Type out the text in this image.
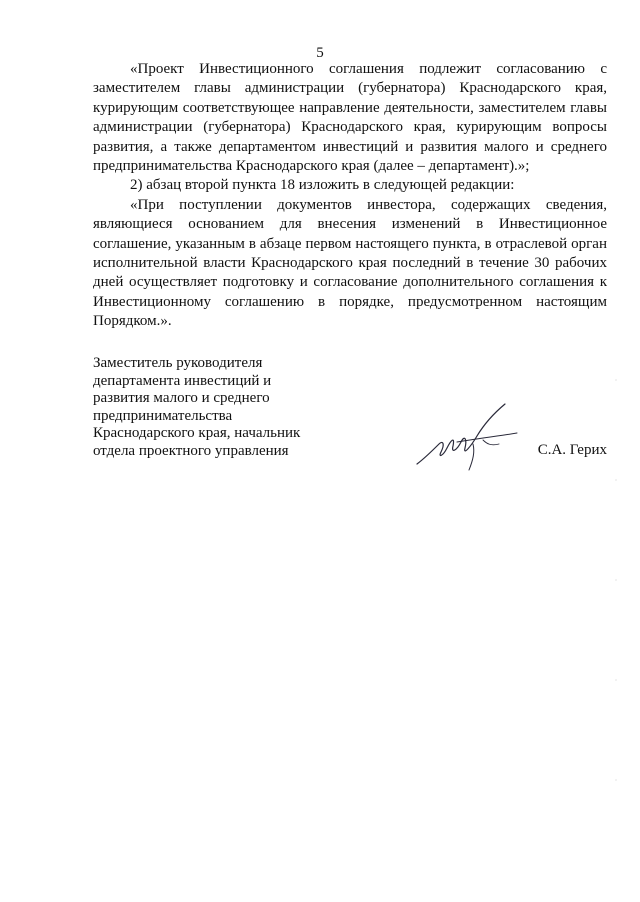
5

«Проект Инвестиционного соглашения подлежит согласованию с заместителем главы администрации (губернатора) Краснодарского края, курирующим соответствующее направление деятельности, заместителем главы администрации (губернатора) Краснодарского края, курирующим вопросы развития, а также департаментом инвестиций и развития малого и среднего предпринимательства Краснодарского края (далее – департамент).»;

2) абзац второй пункта 18 изложить в следующей редакции:

«При поступлении документов инвестора, содержащих сведения, являющиеся основанием для внесения изменений в Инвестиционное соглашение, указанным в абзаце первом настоящего пункта, в отраслевой орган исполнительной власти Краснодарского края последний в течение 30 рабочих дней осуществляет подготовку и согласование дополнительного соглашения к Инвестиционному соглашению в порядке, предусмотренном настоящим Порядком.».

Заместитель руководителя
департамента инвестиций и
развития малого и среднего
предпринимательства
Краснодарского края, начальник
отдела проектного управления	С.А. Герих
